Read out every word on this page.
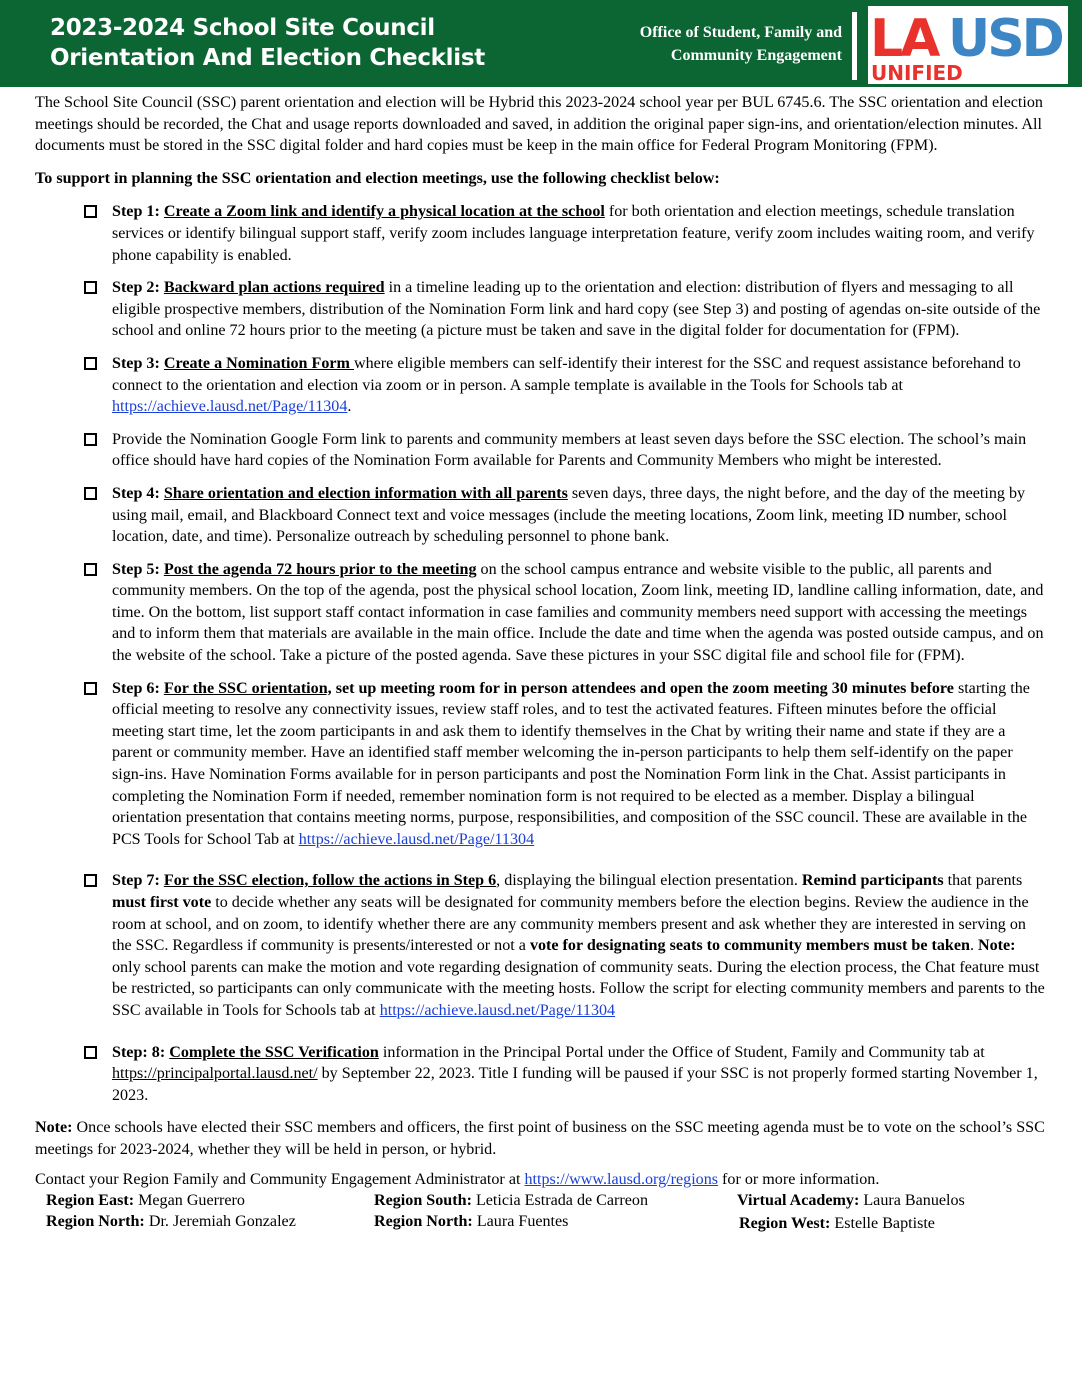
2023-2024 School Site Council
Orientation And Election Checklist
Office of Student, Family and
Community Engagement LA USD
UNIFIED

The School Site Council (SSC) parent orientation and election will be Hybrid this 2023-2024 school year per BUL 6745.6. The SSC orientation and election meetings should be recorded, the Chat and usage reports downloaded and saved, in addition the original paper sign-ins, and orientation/election minutes. All documents must be stored in the SSC digital folder and hard copies must be keep in the main office for Federal Program Monitoring (FPM).

To support in planning the SSC orientation and election meetings, use the following checklist below:

Step 1: Create a Zoom link and identify a physical location at the school for both orientation and election meetings, schedule translation services or identify bilingual support staff, verify zoom includes language interpretation feature, verify zoom includes waiting room, and verify phone capability is enabled.
Step 2: Backward plan actions required in a timeline leading up to the orientation and election: distribution of flyers and messaging to all eligible prospective members, distribution of the Nomination Form link and hard copy (see Step 3) and posting of agendas on-site outside of the school and online 72 hours prior to the meeting (a picture must be taken and save in the digital folder for documentation for (FPM).
Step 3: Create a Nomination Form where eligible members can self-identify their interest for the SSC and request assistance beforehand to connect to the orientation and election via zoom or in person. A sample template is available in the Tools for Schools tab at https://achieve.lausd.net/Page/11304.
Provide the Nomination Google Form link to parents and community members at least seven days before the SSC election. The school’s main office should have hard copies of the Nomination Form available for Parents and Community Members who might be interested.
Step 4: Share orientation and election information with all parents seven days, three days, the night before, and the day of the meeting by using mail, email, and Blackboard Connect text and voice messages (include the meeting locations, Zoom link, meeting ID number, school location, date, and time). Personalize outreach by scheduling personnel to phone bank.
Step 5: Post the agenda 72 hours prior to the meeting on the school campus entrance and website visible to the public, all parents and community members. On the top of the agenda, post the physical school location, Zoom link, meeting ID, landline calling information, date, and time. On the bottom, list support staff contact information in case families and community members need support with accessing the meetings and to inform them that materials are available in the main office. Include the date and time when the agenda was posted outside campus, and on the website of the school. Take a picture of the posted agenda. Save these pictures in your SSC digital file and school file for (FPM).
Step 6: For the SSC orientation, set up meeting room for in person attendees and open the zoom meeting 30 minutes before starting the official meeting to resolve any connectivity issues, review staff roles, and to test the activated features. Fifteen minutes before the official meeting start time, let the zoom participants in and ask them to identify themselves in the Chat by writing their name and state if they are a parent or community member. Have an identified staff member welcoming the in-person participants to help them self-identify on the paper sign-ins. Have Nomination Forms available for in person participants and post the Nomination Form link in the Chat. Assist participants in completing the Nomination Form if needed, remember nomination form is not required to be elected as a member. Display a bilingual orientation presentation that contains meeting norms, purpose, responsibilities, and composition of the SSC council. These are available in the PCS Tools for School Tab at https://achieve.lausd.net/Page/11304
Step 7: For the SSC election, follow the actions in Step 6, displaying the bilingual election presentation. Remind participants that parents must first vote to decide whether any seats will be designated for community members before the election begins. Review the audience in the room at school, and on zoom, to identify whether there are any community members present and ask whether they are interested in serving on the SSC. Regardless if community is presents/interested or not a vote for designating seats to community members must be taken. Note: only school parents can make the motion and vote regarding designation of community seats. During the election process, the Chat feature must be restricted, so participants can only communicate with the meeting hosts. Follow the script for electing community members and parents to the SSC available in Tools for Schools tab at https://achieve.lausd.net/Page/11304
Step: 8: Complete the SSC Verification information in the Principal Portal under the Office of Student, Family and Community tab at https://principalportal.lausd.net/ by September 22, 2023. Title I funding will be paused if your SSC is not properly formed starting November 1, 2023.

Note: Once schools have elected their SSC members and officers, the first point of business on the SSC meeting agenda must be to vote on the school’s SSC meetings for 2023-2024, whether they will be held in person, or hybrid.

Contact your Region Family and Community Engagement Administrator at https://www.lausd.org/regions for or more information.

Region East: Megan Guerrero	Region South: Leticia Estrada de Carreon	Virtual Academy: Laura Banuelos
Region North: Dr. Jeremiah Gonzalez	Region North: Laura Fuentes	Region West: Estelle Baptiste
